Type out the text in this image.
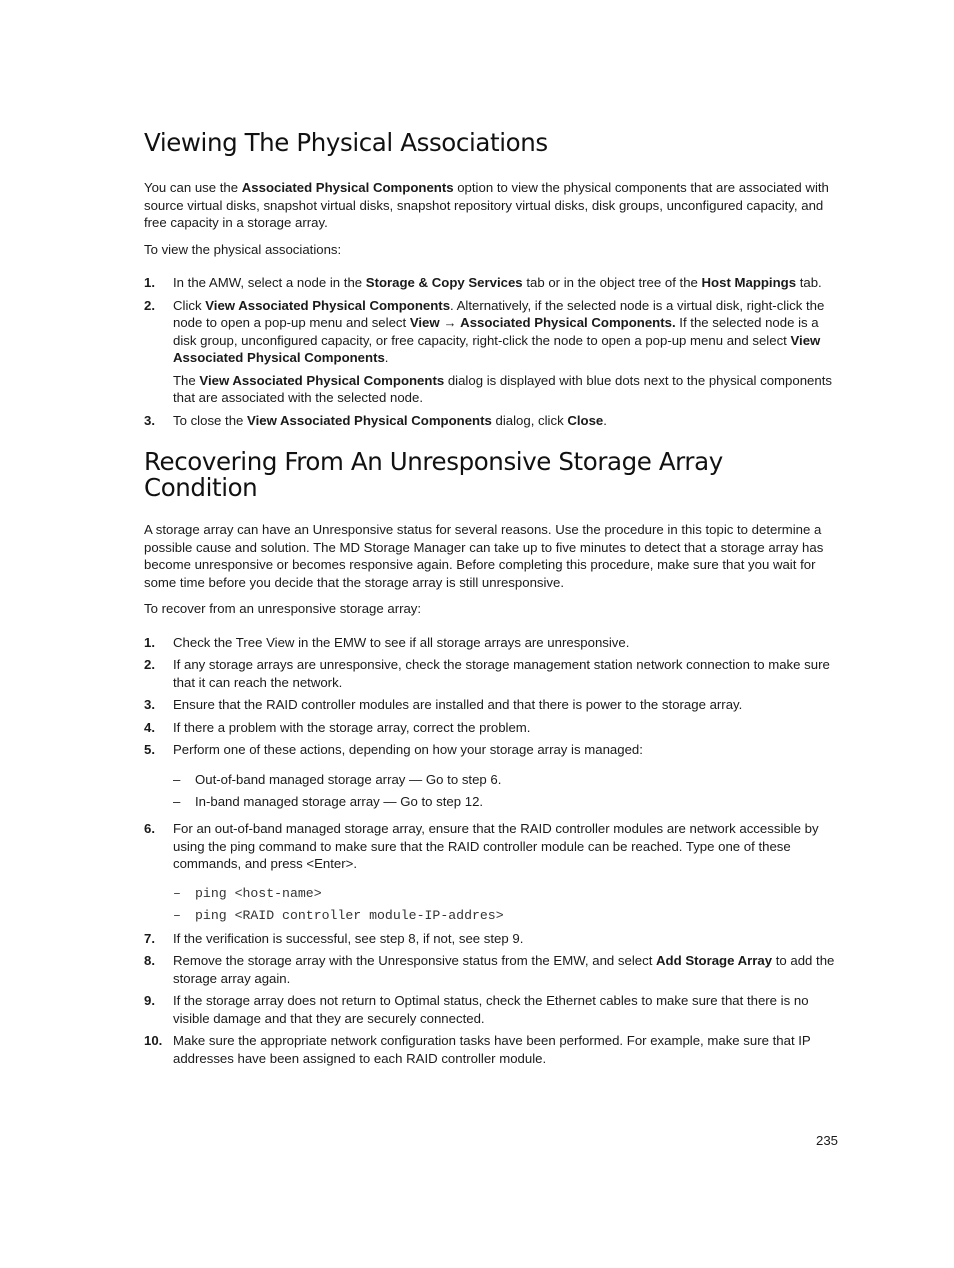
Viewing The Physical Associations

You can use the Associated Physical Components option to view the physical components that are associated with source virtual disks, snapshot virtual disks, snapshot repository virtual disks, disk groups, unconfigured capacity, and free capacity in a storage array.

To view the physical associations:

1. In the AMW, select a node in the Storage & Copy Services tab or in the object tree of the Host Mappings tab.
2. Click View Associated Physical Components. Alternatively, if the selected node is a virtual disk, right-click the node to open a pop-up menu and select View → Associated Physical Components. If the selected node is a disk group, unconfigured capacity, or free capacity, right-click the node to open a pop-up menu and select View Associated Physical Components.
The View Associated Physical Components dialog is displayed with blue dots next to the physical components that are associated with the selected node.
3. To close the View Associated Physical Components dialog, click Close.
Recovering From An Unresponsive Storage Array Condition

A storage array can have an Unresponsive status for several reasons. Use the procedure in this topic to determine a possible cause and solution. The MD Storage Manager can take up to five minutes to detect that a storage array has become unresponsive or becomes responsive again. Before completing this procedure, make sure that you wait for some time before you decide that the storage array is still unresponsive.

To recover from an unresponsive storage array:

1. Check the Tree View in the EMW to see if all storage arrays are unresponsive.
2. If any storage arrays are unresponsive, check the storage management station network connection to make sure that it can reach the network.
3. Ensure that the RAID controller modules are installed and that there is power to the storage array.
4. If there a problem with the storage array, correct the problem.
5. Perform one of these actions, depending on how your storage array is managed:
– Out-of-band managed storage array — Go to step 6.
– In-band managed storage array — Go to step 12.
6. For an out-of-band managed storage array, ensure that the RAID controller modules are network accessible by using the ping command to make sure that the RAID controller module can be reached. Type one of these commands, and press <Enter>.
– ping <host-name>
– ping <RAID controller module-IP-addres>
7. If the verification is successful, see step 8, if not, see step 9.
8. Remove the storage array with the Unresponsive status from the EMW, and select Add Storage Array to add the storage array again.
9. If the storage array does not return to Optimal status, check the Ethernet cables to make sure that there is no visible damage and that they are securely connected.
10. Make sure the appropriate network configuration tasks have been performed. For example, make sure that IP addresses have been assigned to each RAID controller module.
235
